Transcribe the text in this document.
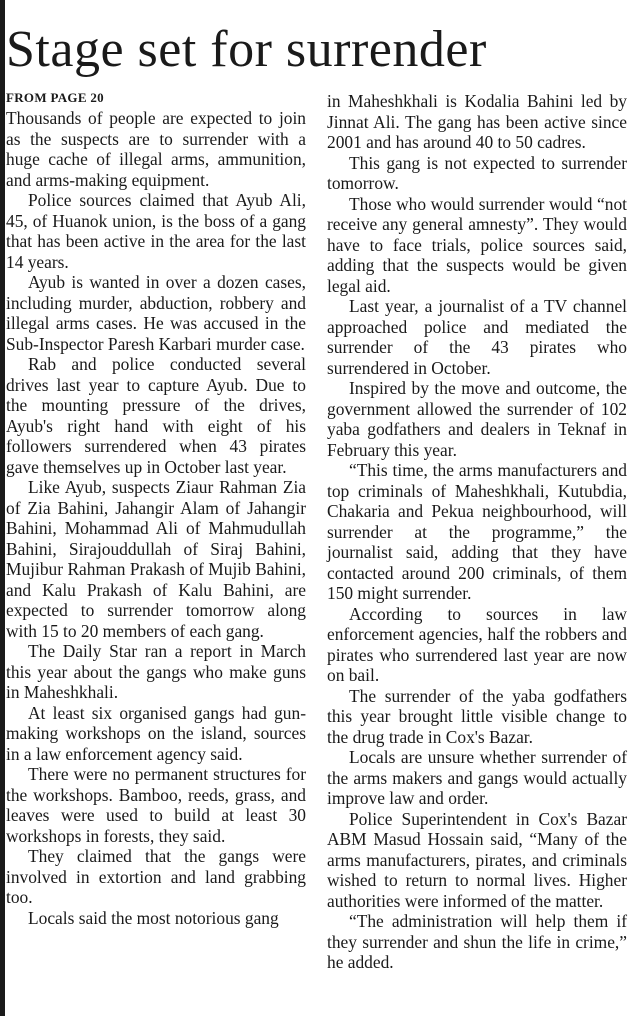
Stage set for surrender
FROM PAGE 20

Thousands of people are expected to join as the suspects are to surrender with a huge cache of illegal arms, ammunition, and arms-making equipment.

Police sources claimed that Ayub Ali, 45, of Huanok union, is the boss of a gang that has been active in the area for the last 14 years.

Ayub is wanted in over a dozen cases, including murder, abduction, robbery and illegal arms cases. He was accused in the Sub-Inspector Paresh Karbari murder case.

Rab and police conducted several drives last year to capture Ayub. Due to the mounting pressure of the drives, Ayub's right hand with eight of his followers surrendered when 43 pirates gave themselves up in October last year.

Like Ayub, suspects Ziaur Rahman Zia of Zia Bahini, Jahangir Alam of Jahangir Bahini, Mohammad Ali of Mahmudullah Bahini, Sirajouddullah of Siraj Bahini, Mujibur Rahman Prakash of Mujib Bahini, and Kalu Prakash of Kalu Bahini, are expected to surrender tomorrow along with 15 to 20 members of each gang.

The Daily Star ran a report in March this year about the gangs who make guns in Maheshkhali.

At least six organised gangs had gun-making workshops on the island, sources in a law enforcement agency said.

There were no permanent structures for the workshops. Bamboo, reeds, grass, and leaves were used to build at least 30 workshops in forests, they said.

They claimed that the gangs were involved in extortion and land grabbing too.

Locals said the most notorious gang

in Maheshkhali is Kodalia Bahini led by Jinnat Ali. The gang has been active since 2001 and has around 40 to 50 cadres.

This gang is not expected to surrender tomorrow.

Those who would surrender would “not receive any general amnesty”. They would have to face trials, police sources said, adding that the suspects would be given legal aid.

Last year, a journalist of a TV channel approached police and mediated the surrender of the 43 pirates who surrendered in October.

Inspired by the move and outcome, the government allowed the surrender of 102 yaba godfathers and dealers in Teknaf in February this year.

“This time, the arms manufacturers and top criminals of Maheshkhali, Kutubdia, Chakaria and Pekua neighbourhood, will surrender at the programme,” the journalist said, adding that they have contacted around 200 criminals, of them 150 might surrender.

According to sources in law enforcement agencies, half the robbers and pirates who surrendered last year are now on bail.

The surrender of the yaba godfathers this year brought little visible change to the drug trade in Cox's Bazar.

Locals are unsure whether surrender of the arms makers and gangs would actually improve law and order.

Police Superintendent in Cox's Bazar ABM Masud Hossain said, “Many of the arms manufacturers, pirates, and criminals wished to return to normal lives. Higher authorities were informed of the matter.

“The administration will help them if they surrender and shun the life in crime,” he added.
